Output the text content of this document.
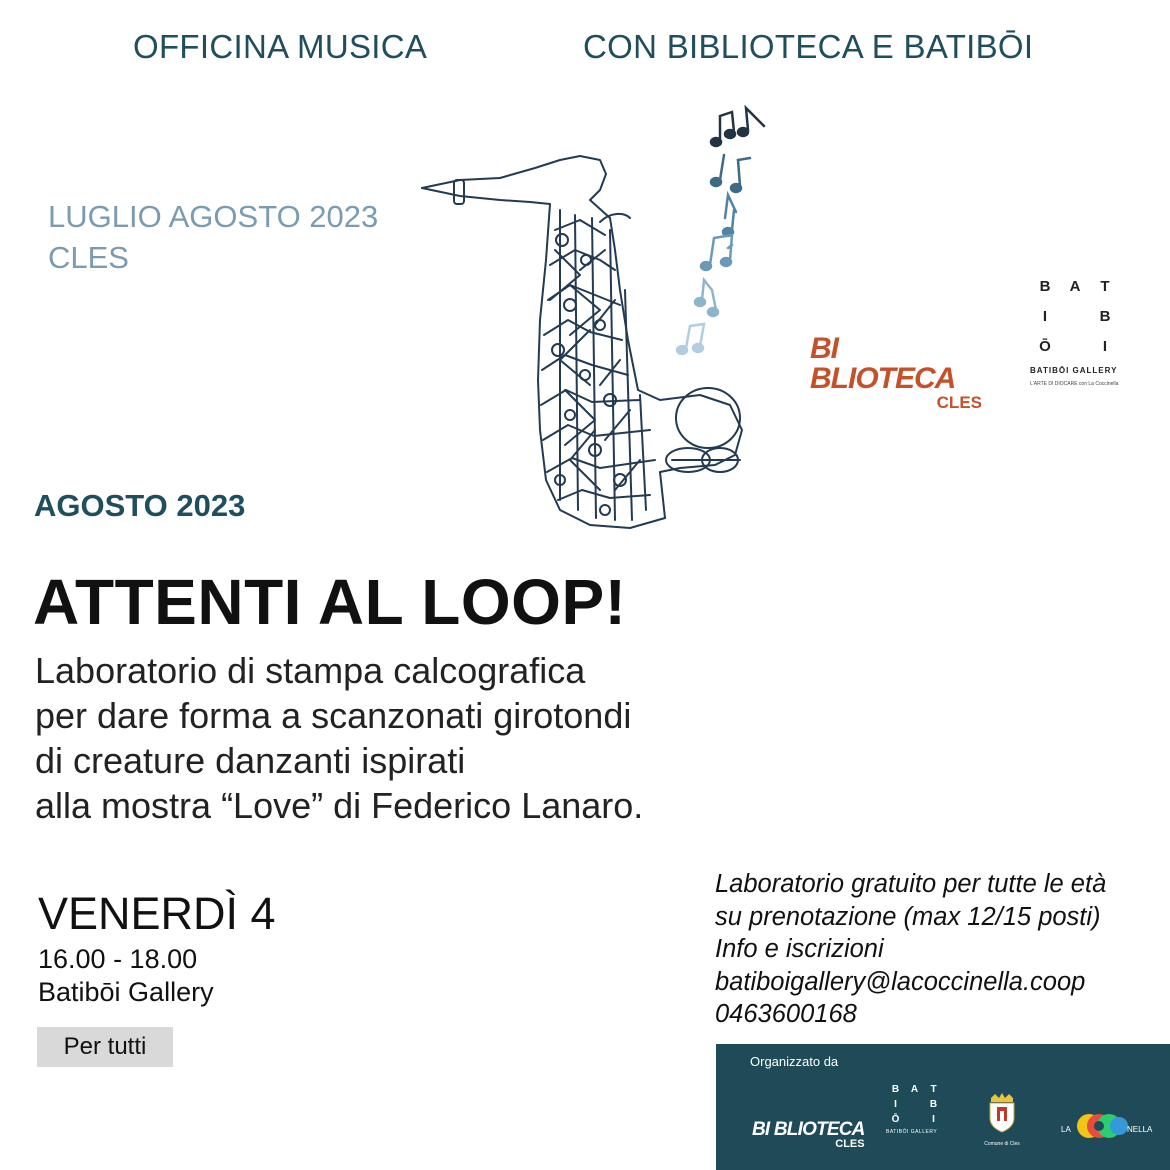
OFFICINA MUSICA	CON BIBLIOTECA E BATIBŌI
LUGLIO AGOSTO 2023
CLES
BI BLIOTECA
CLES
B	A	T
I	B
Ō	I
BATIBŌI GALLERY
L'ARTE DI DIOCARE con La Coccinella
AGOSTO 2023
ATTENTI AL LOOP!
Laboratorio di stampa calcografica
per dare forma a scanzonati girotondi
di creature danzanti ispirati
alla mostra “Love” di Federico Lanaro.
VENERDÌ 4
16.00 - 18.00
Batibōi Gallery
Per tutti
Laboratorio gratuito per tutte le età
su prenotazione (max 12/15 posti)
Info e iscrizioni
batiboigallery@lacoccinella.coop
0463600168
Organizzato da
BI BLIOTECA
CLES
B	A	T
I	B
Ō	I
BATIBŌI GALLERY
Comune di Cles
LA	NELLA
